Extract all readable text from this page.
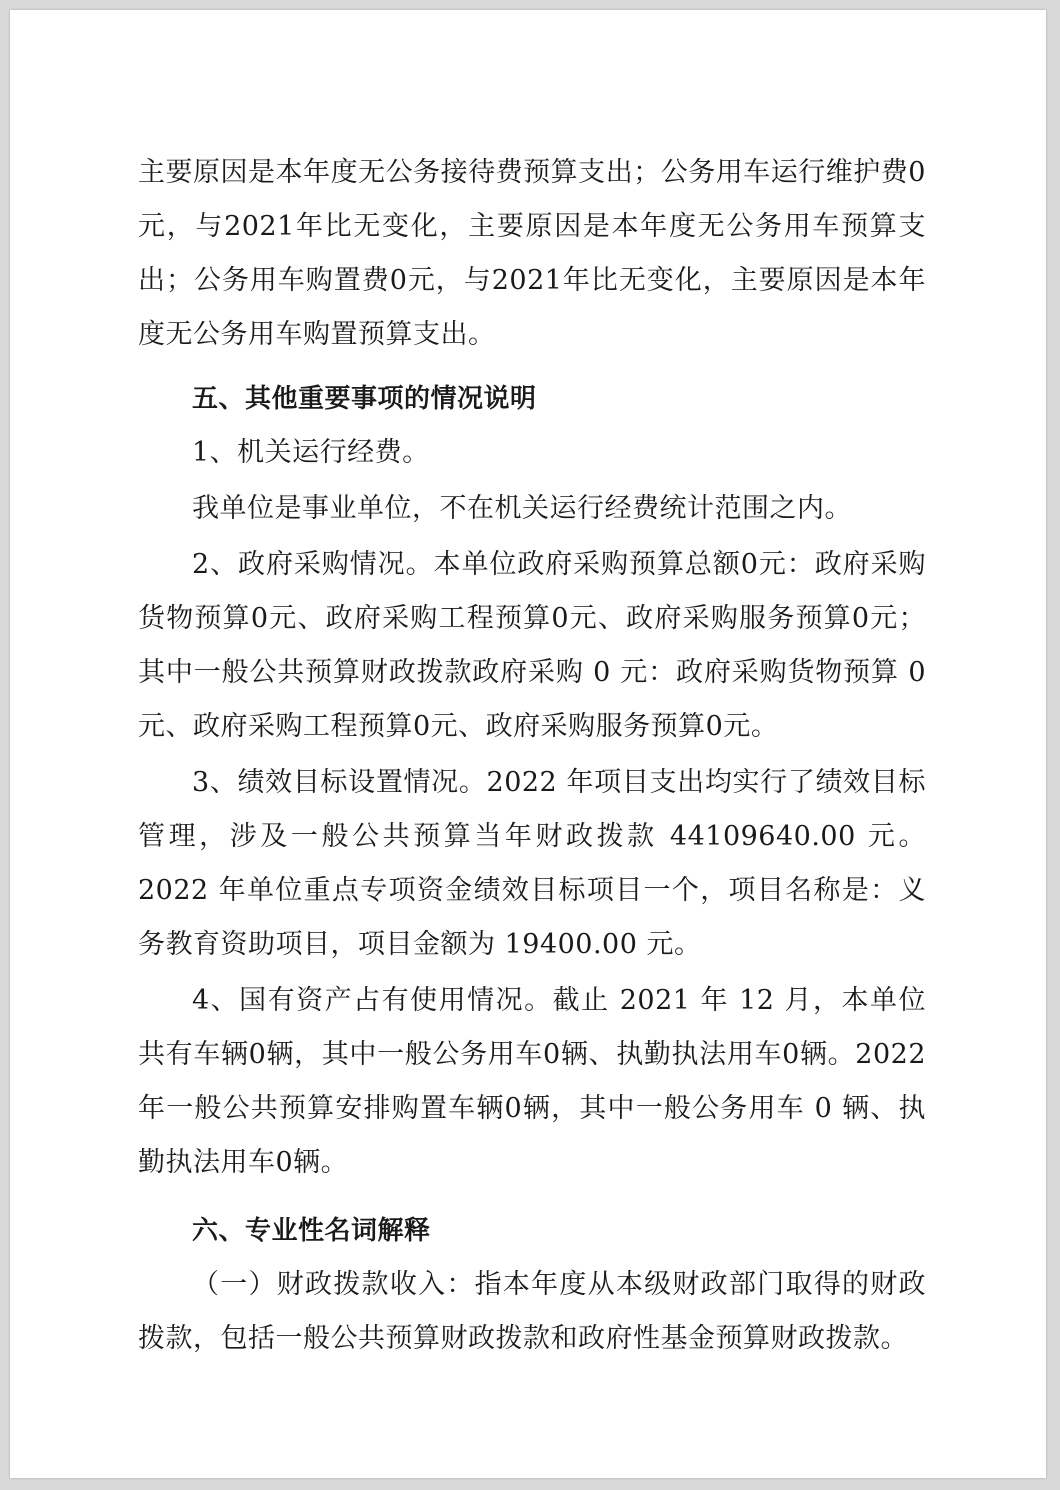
主要原因是本年度无公务接待费预算支出；公务用车运行维护费0元，与2021年比无变化，主要原因是本年度无公务用车预算支出；公务用车购置费0元，与2021年比无变化，主要原因是本年度无公务用车购置预算支出。

五、其他重要事项的情况说明

1、机关运行经费。

我单位是事业单位，不在机关运行经费统计范围之内。

2、政府采购情况。本单位政府采购预算总额0元：政府采购货物预算0元、政府采购工程预算0元、政府采购服务预算0元；其中一般公共预算财政拨款政府采购 0 元：政府采购货物预算 0元、政府采购工程预算0元、政府采购服务预算0元。

3、绩效目标设置情况。2022 年项目支出均实行了绩效目标管理，涉及一般公共预算当年财政拨款 44109640.00 元。2022 年单位重点专项资金绩效目标项目一个，项目名称是：义务教育资助项目，项目金额为 19400.00 元。

4、国有资产占有使用情况。截止 2021 年 12 月，本单位共有车辆0辆，其中一般公务用车0辆、执勤执法用车0辆。2022年一般公共预算安排购置车辆0辆，其中一般公务用车 0 辆、执勤执法用车0辆。

六、专业性名词解释

（一）财政拨款收入：指本年度从本级财政部门取得的财政拨款，包括一般公共预算财政拨款和政府性基金预算财政拨款。
